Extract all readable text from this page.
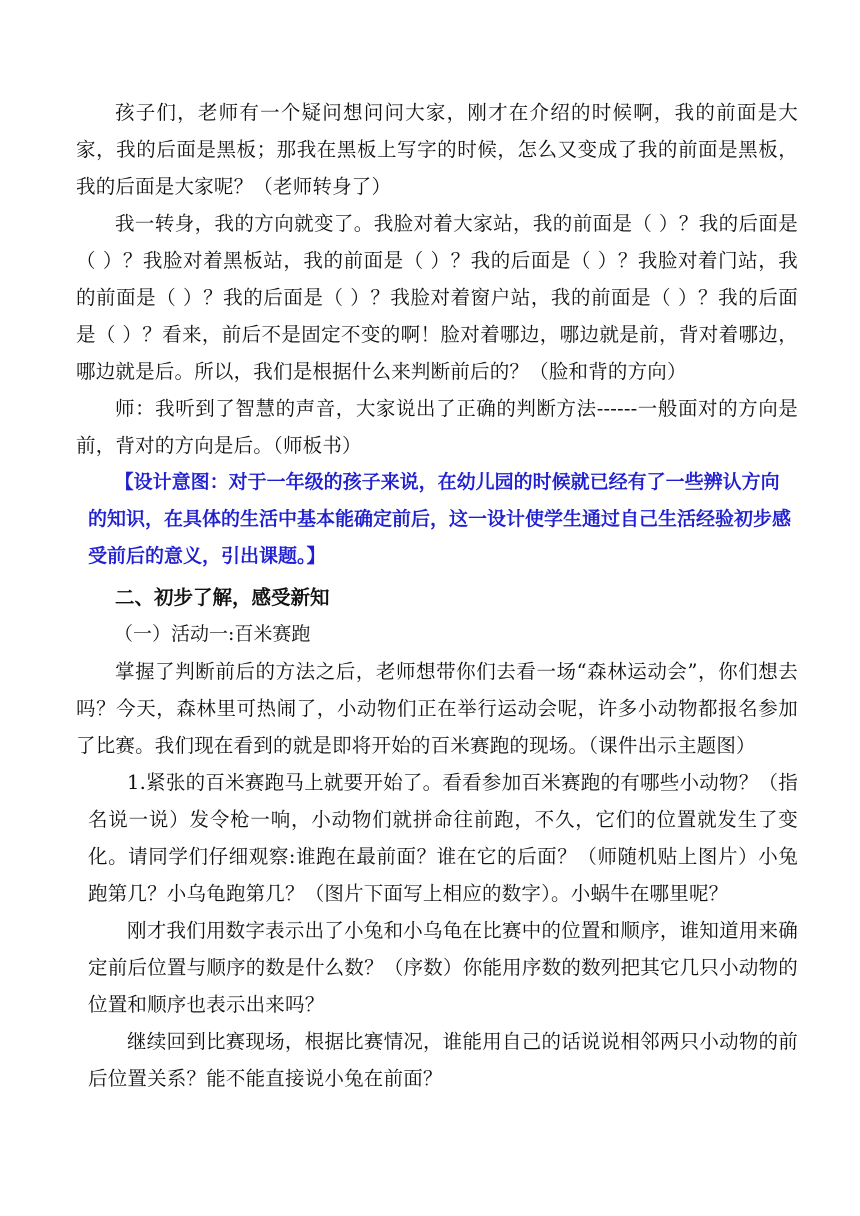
孩子们，老师有一个疑问想问问大家，刚才在介绍的时候啊，我的前面是大家，我的后面是黑板；那我在黑板上写字的时候，怎么又变成了我的前面是黑板，我的后面是大家呢？（老师转身了）

我一转身，我的方向就变了。我脸对着大家站，我的前面是（ ）？我的后面是（ ）？我脸对着黑板站，我的前面是（ ）？我的后面是（ ）？我脸对着门站，我的前面是（ ）？我的后面是（ ）？我脸对着窗户站，我的前面是（ ）？我的后面是（ ）？看来，前后不是固定不变的啊！脸对着哪边，哪边就是前，背对着哪边，哪边就是后。所以，我们是根据什么来判断前后的？（脸和背的方向）

师：我听到了智慧的声音，大家说出了正确的判断方法------一般面对的方向是前，背对的方向是后。（师板书）

【设计意图：对于一年级的孩子来说，在幼儿园的时候就已经有了一些辨认方向的知识，在具体的生活中基本能确定前后，这一设计使学生通过自己生活经验初步感受前后的意义，引出课题。】

二、初步了解，感受新知

（一）活动一:百米赛跑

掌握了判断前后的方法之后，老师想带你们去看一场“森林运动会”，你们想去吗？今天，森林里可热闹了，小动物们正在举行运动会呢，许多小动物都报名参加了比赛。我们现在看到的就是即将开始的百米赛跑的现场。（课件出示主题图）

1.紧张的百米赛跑马上就要开始了。看看参加百米赛跑的有哪些小动物？（指名说一说）发令枪一响，小动物们就拼命往前跑，不久，它们的位置就发生了变化。请同学们仔细观察:谁跑在最前面？谁在它的后面？（师随机贴上图片）小兔跑第几？小乌龟跑第几？（图片下面写上相应的数字）。小蜗牛在哪里呢？

刚才我们用数字表示出了小兔和小乌龟在比赛中的位置和顺序，谁知道用来确定前后位置与顺序的数是什么数？（序数）你能用序数的数列把其它几只小动物的位置和顺序也表示出来吗？

继续回到比赛现场，根据比赛情况，谁能用自己的话说说相邻两只小动物的前后位置关系？能不能直接说小兔在前面？
